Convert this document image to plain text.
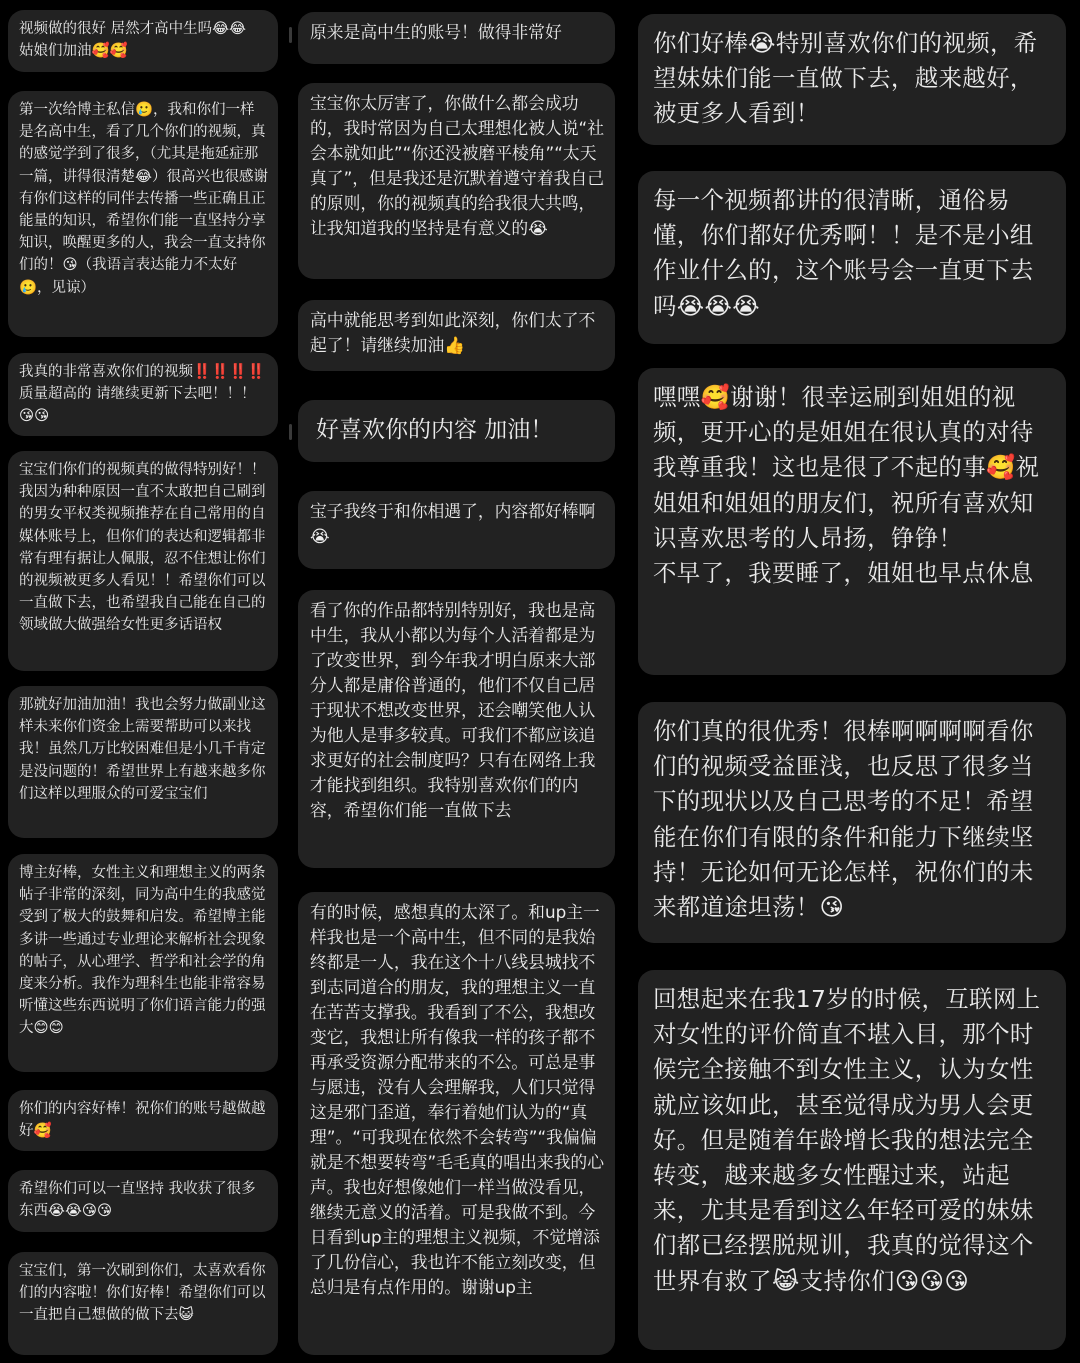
视频做的很好 居然才高中生吗😂😂
姑娘们加油🥰🥰
第一次给博主私信🥲，我和你们一样是名高中生，看了几个你们的视频，真的感觉学到了很多，（尤其是拖延症那一篇，讲得很清楚😂）很高兴也很感谢有你们这样的同伴去传播一些正确且正能量的知识，希望你们能一直坚持分享知识，唤醒更多的人，我会一直支持你们的！😘（我语言表达能力不太好🥲，见谅）
我真的非常喜欢你们的视频‼️‼️‼️‼️质量超高的 请继续更新下去吧！！！😘😘
宝宝们你们的视频真的做得特别好！！我因为种种原因一直不太敢把自己刷到的男女平权类视频推荐在自己常用的自媒体账号上，但你们的表达和逻辑都非常有理有据让人佩服，忍不住想让你们的视频被更多人看见！！希望你们可以一直做下去，也希望我自己能在自己的领域做大做强给女性更多话语权
那就好加油加油！我也会努力做副业这样未来你们资金上需要帮助可以来找我！虽然几万比较困难但是小几千肯定是没问题的！希望世界上有越来越多你们这样以理服众的可爱宝宝们
博主好棒，女性主义和理想主义的两条帖子非常的深刻，同为高中生的我感觉受到了极大的鼓舞和启发。希望博主能多讲一些通过专业理论来解析社会现象的帖子，从心理学、哲学和社会学的角度来分析。我作为理科生也能非常容易听懂这些东西说明了你们语言能力的强大😊😊
你们的内容好棒！祝你们的账号越做越好🥰
希望你们可以一直坚持 我收获了很多东西😭😭😘😘
宝宝们，第一次刷到你们，太喜欢看你们的内容啦！你们好棒！希望你们可以一直把自己想做的做下去😺
原来是高中生的账号！做得非常好
宝宝你太厉害了，你做什么都会成功的，我时常因为自己太理想化被人说“社会本就如此”“你还没被磨平棱角”“太天真了”，但是我还是沉默着遵守着我自己的原则，你的视频真的给我很大共鸣，让我知道我的坚持是有意义的😭
高中就能思考到如此深刻，你们太了不起了！请继续加油👍
好喜欢你的内容 加油！
宝子我终于和你相遇了，内容都好棒啊😭
看了你的作品都特别特别好，我也是高中生，我从小都以为每个人活着都是为了改变世界，到今年我才明白原来大部分人都是庸俗普通的，他们不仅自己居于现状不想改变世界，还会嘲笑他人认为他人是事多较真。可我们不都应该追求更好的社会制度吗？只有在网络上我才能找到组织。我特别喜欢你们的内容，希望你们能一直做下去
有的时候，感想真的太深了。和up主一样我也是一个高中生，但不同的是我始终都是一人，我在这个十八线县城找不到志同道合的朋友，我的理想主义一直在苦苦支撑我。我看到了不公，我想改变它，我想让所有像我一样的孩子都不再承受资源分配带来的不公。可总是事与愿违，没有人会理解我，人们只觉得这是邪门歪道，奉行着她们认为的“真理”。“可我现在依然不会转弯”“我偏偏就是不想要转弯”毛毛真的唱出来我的心声。我也好想像她们一样当做没看见，继续无意义的活着。可是我做不到。今日看到up主的理想主义视频，不觉增添了几份信心，我也许不能立刻改变，但总归是有点作用的。谢谢up主
你们好棒😭特别喜欢你们的视频，希望妹妹们能一直做下去，越来越好，被更多人看到！
每一个视频都讲的很清晰，通俗易懂，你们都好优秀啊！！是不是小组作业什么的，这个账号会一直更下去吗😭😭😭
嘿嘿🥰谢谢！很幸运刷到姐姐的视频，更开心的是姐姐在很认真的对待我尊重我！这也是很了不起的事🥰祝姐姐和姐姐的朋友们，祝所有喜欢知识喜欢思考的人昂扬，铮铮！
不早了，我要睡了，姐姐也早点休息
你们真的很优秀！很棒啊啊啊啊看你们的视频受益匪浅，也反思了很多当下的现状以及自己思考的不足！希望能在你们有限的条件和能力下继续坚持！无论如何无论怎样，祝你们的未来都道途坦荡！😘
回想起来在我17岁的时候，互联网上对女性的评价简直不堪入目，那个时候完全接触不到女性主义，认为女性就应该如此，甚至觉得成为男人会更好。但是随着年龄增长我的想法完全转变，越来越多女性醒过来，站起来，尤其是看到这么年轻可爱的妹妹们都已经摆脱规训，我真的觉得这个世界有救了😹支持你们😘😘😘
